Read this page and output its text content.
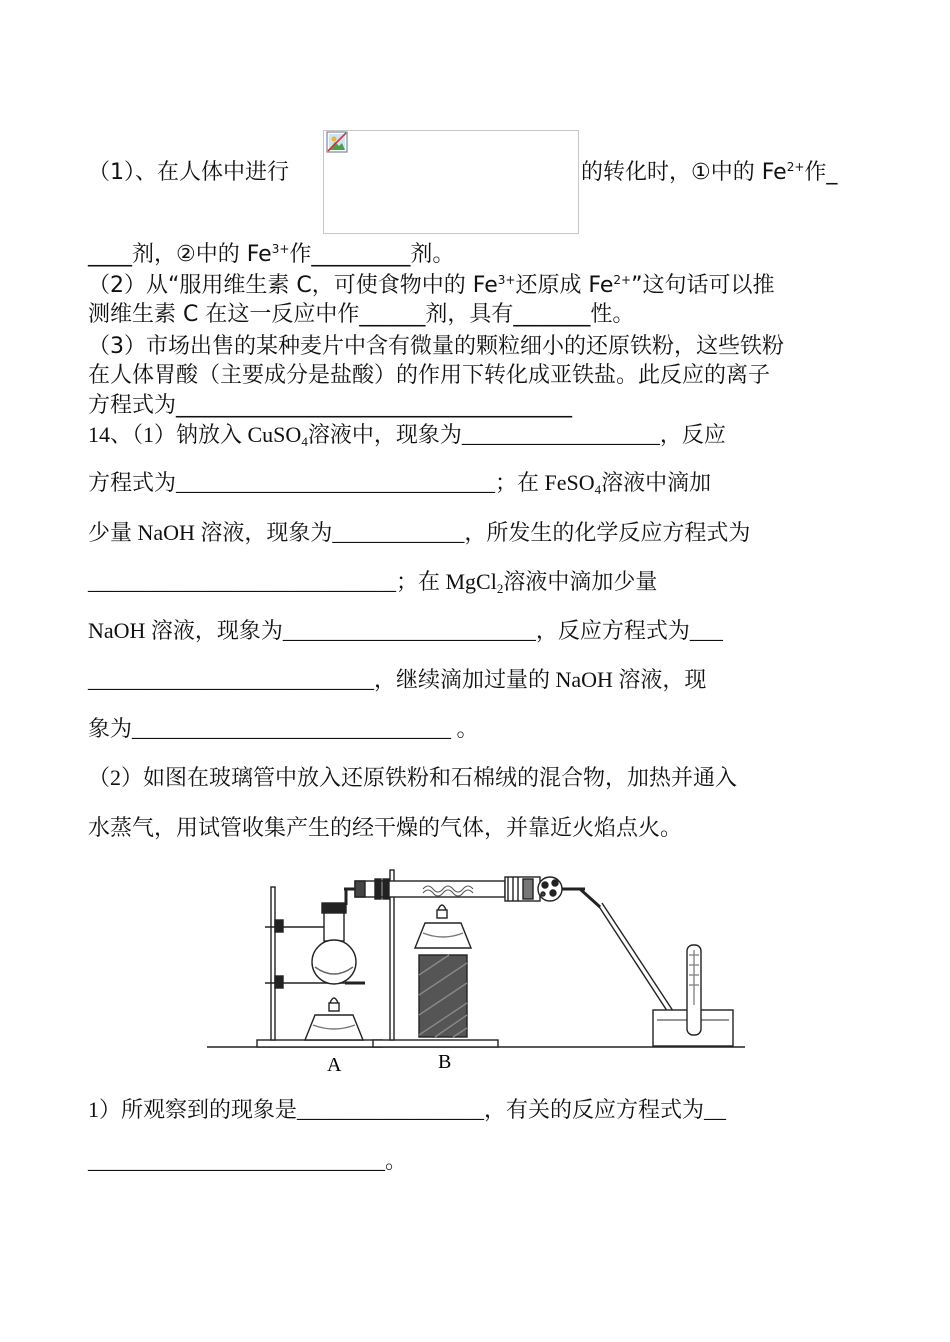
（1）、在人体中进行	的转化时，①中的 $Fe^{2+}$作_
____剂，②中的 $Fe^{3+}$作_________剂。
（2）从“服用维生素 C，可使食物中的 $Fe^{3+}$还原成 $Fe^{2+}$”这句话可以推
测维生素 C 在这一反应中作______剂，具有_______性。
（3）市场出售的某种麦片中含有微量的颗粒细小的还原铁粉，这些铁粉
在人体胃酸（主要成分是盐酸）的作用下转化成亚铁盐。此反应的离子
方程式为____________________________________
14、（1）钠放入 CuSO$_4$溶液中，现象为__________________，反应
方程式为_____________________________；在 FeSO$_4$溶液中滴加
少量 NaOH 溶液，现象为____________，所发生的化学反应方程式为
____________________________；在 MgCl$_2$溶液中滴加少量
NaOH 溶液，现象为_______________________，反应方程式为___
__________________________，继续滴加过量的 NaOH 溶液，现
象为_____________________________ 。
（2）如图在玻璃管中放入还原铁粉和石棉绒的混合物，加热并通入
水蒸气，用试管收集产生的经干燥的气体，并靠近火焰点火。
A	B
1）所观察到的现象是_________________，有关的反应方程式为__
___________________________。
